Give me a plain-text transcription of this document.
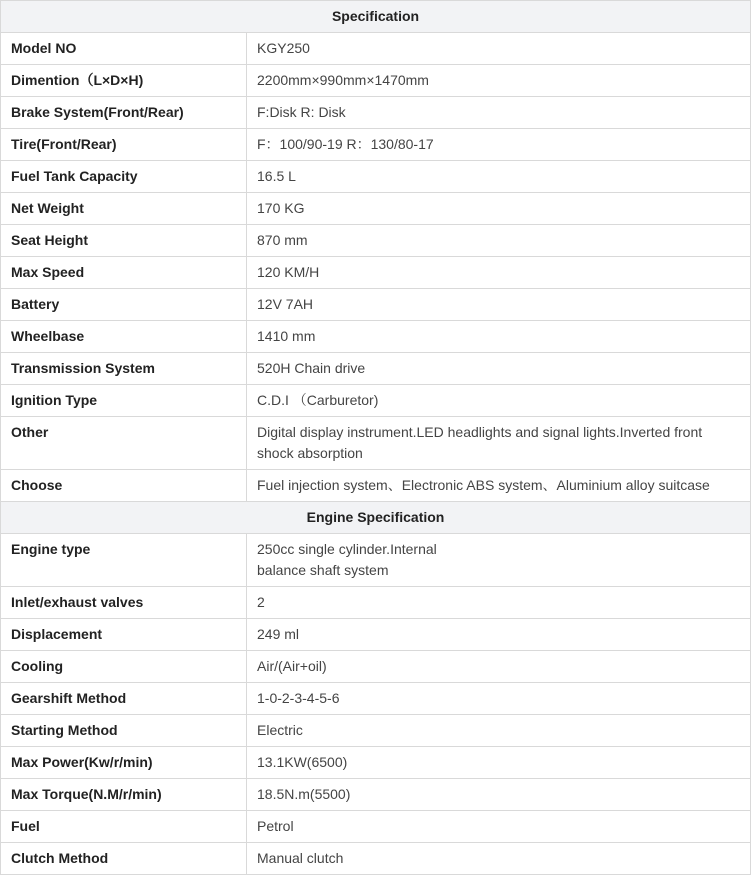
Specification	
Model NO	KGY250
Dimention（L×D×H)	2200mm×990mm×1470mm
Brake System(Front/Rear)	F:Disk R: Disk
Tire(Front/Rear)	F：100/90-19 R：130/80-17
Fuel Tank Capacity	16.5 L
Net Weight	170 KG
Seat Height	870 mm
Max Speed	120 KM/H
Battery	12V 7AH
Wheelbase	1410 mm
Transmission System	520H Chain drive
Ignition Type	C.D.I （Carburetor)
Other	Digital display instrument.LED headlights and signal lights.Inverted front shock absorption
Choose	Fuel injection system、Electronic ABS system、Aluminium alloy suitcase
Engine Specification	
Engine type	250cc single cylinder.Internal
balance shaft system
Inlet/exhaust valves	2
Displacement	249 ml
Cooling	Air/(Air+oil)
Gearshift Method	1-0-2-3-4-5-6
Starting Method	Electric
Max Power(Kw/r/min)	13.1KW(6500)
Max Torque(N.M/r/min)	18.5N.m(5500)
Fuel	Petrol
Clutch Method	Manual clutch
